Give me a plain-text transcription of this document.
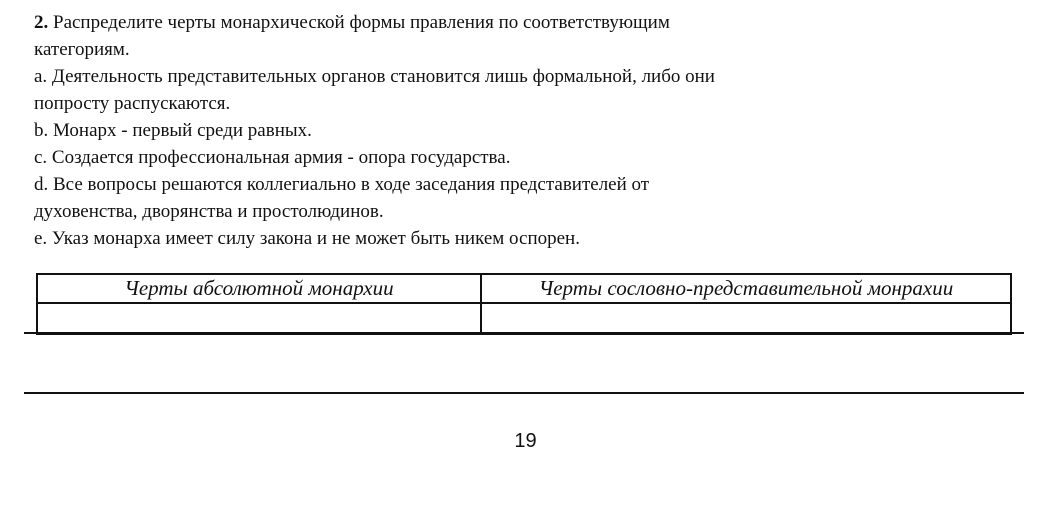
2. Распределите черты монархической формы правления по соответствующим
категориям.
a. Деятельность представительных органов становится лишь формальной, либо они
попросту распускаются.
b. Монарх - первый среди равных.
c. Создается профессиональная армия - опора государства.
d. Все вопросы решаются коллегиально в ходе заседания представителей от
духовенства, дворянства и простолюдинов.
e. Указ монарха имеет силу закона и не может быть никем оспорен.
Черты абсолютной монархии	Черты сословно-представительной монрахии

19
